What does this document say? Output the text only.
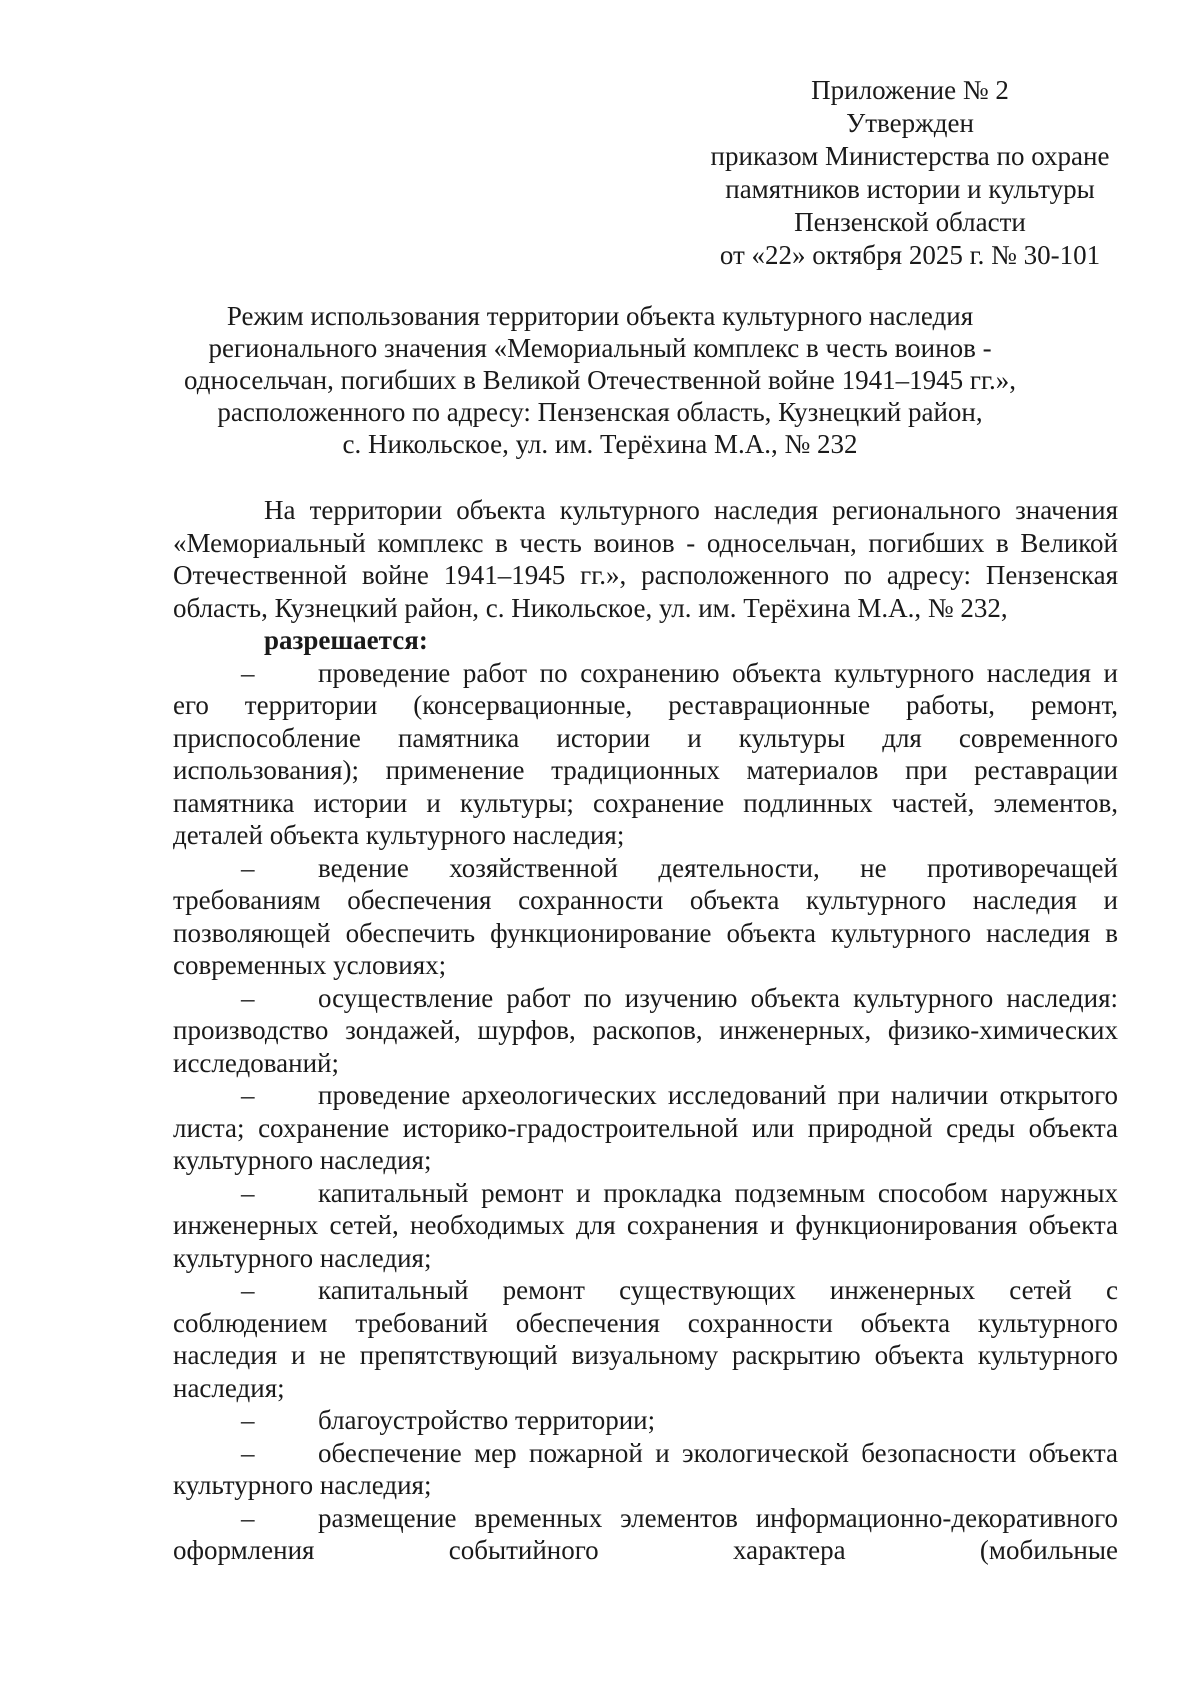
Приложение № 2
Утвержден
приказом Министерства по охране
памятников истории и культуры
Пензенской области
от «22» октября 2025 г. № 30-101
Режим использования территории объекта культурного наследия
регионального значения «Мемориальный комплекс в честь воинов -
односельчан, погибших в Великой Отечественной войне 1941–1945 гг.»,
расположенного по адресу: Пензенская область, Кузнецкий район,
с. Никольское, ул. им. Терёхина М.А., № 232

На территории объекта культурного наследия регионального значения «Мемориальный комплекс в честь воинов - односельчан, погибших в Великой Отечественной войне 1941–1945 гг.», расположенного по адресу: Пензенская область, Кузнецкий район, с. Никольское, ул. им. Терёхина М.А., № 232,
разрешается:

–	проведение работ по сохранению объекта культурного наследия и его территории (консервационные, реставрационные работы, ремонт, приспособление памятника истории и культуры для современного использования); применение традиционных материалов при реставрации памятника истории и культуры; сохранение подлинных частей, элементов, деталей объекта культурного наследия;

–	ведение хозяйственной деятельности, не противоречащей требованиям обеспечения сохранности объекта культурного наследия и позволяющей обеспечить функционирование объекта культурного наследия в современных условиях;

–	осуществление работ по изучению объекта культурного наследия: производство зондажей, шурфов, раскопов, инженерных, физико-химических исследований;

–	проведение археологических исследований при наличии открытого листа; сохранение историко-градостроительной или природной среды объекта культурного наследия;

–	капитальный ремонт и прокладка подземным способом наружных инженерных сетей, необходимых для сохранения и функционирования объекта культурного наследия;

–	капитальный ремонт существующих инженерных сетей с соблюдением требований обеспечения сохранности объекта культурного наследия и не препятствующий визуальному раскрытию объекта культурного наследия;

–	благоустройство территории;

–	обеспечение мер пожарной и экологической безопасности объекта культурного наследия;

–	размещение временных элементов информационно-декоративного оформления событийного характера (мобильные
